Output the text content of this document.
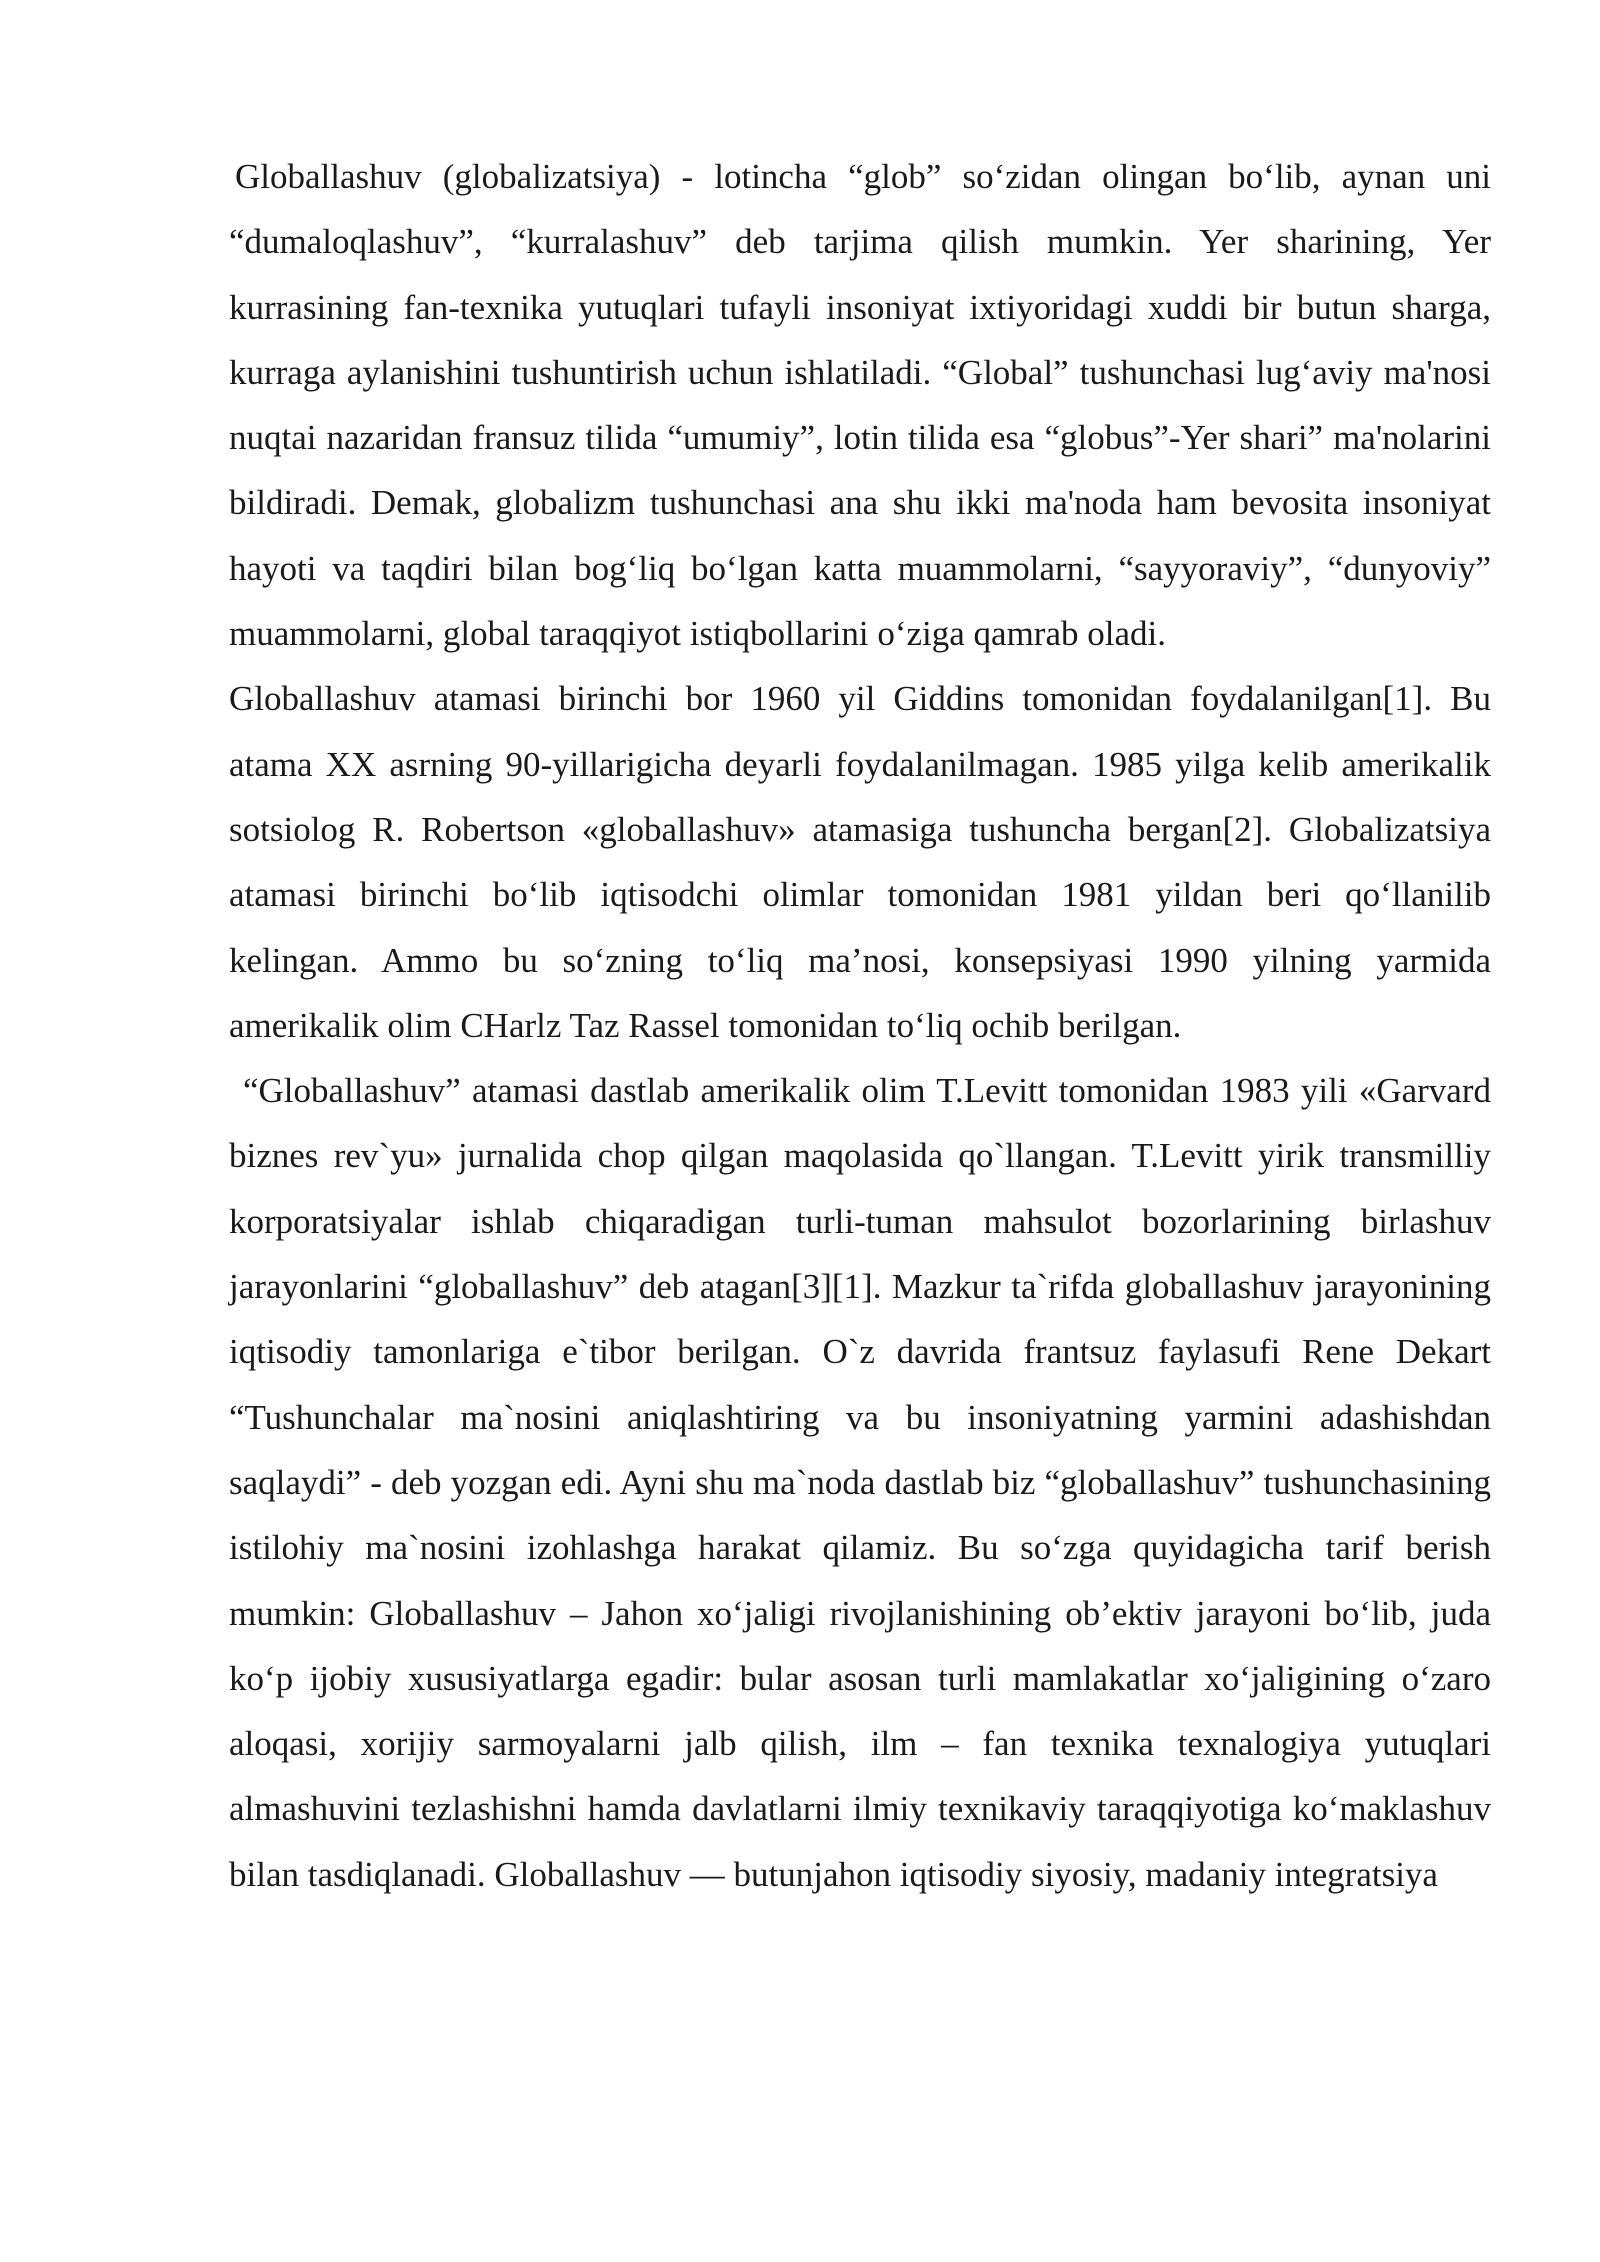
Globallashuv (globalizatsiya) - lotincha “glob” so‘zidan olingan bo‘lib, aynan uni “dumaloqlashuv”, “kurralashuv” deb tarjima qilish mumkin. Yer sharining, Yer kurrasining fan-texnika yutuqlari tufayli insoniyat ixtiyoridagi xuddi bir butun sharga, kurraga aylanishini tushuntirish uchun ishlatiladi. “Global” tushunchasi lug‘aviy ma'nosi nuqtai nazaridan fransuz tilida “umumiy”, lotin tilida esa “globus”-Yer shari” ma'nolarini bildiradi. Demak, globalizm tushunchasi ana shu ikki ma'noda ham bevosita insoniyat hayoti va taqdiri bilan bog‘liq bo‘lgan katta muammolarni, “sayyoraviy”, “dunyoviy” muammolarni, global taraqqiyot istiqbollarini o‘ziga qamrab oladi.

Globallashuv atamasi birinchi bor 1960 yil Giddins tomonidan foydalanilgan[1]. Bu atama XX asrning 90-yillarigicha deyarli foydalanilmagan. 1985 yilga kelib amerikalik sotsiolog R. Robertson «globallashuv» atamasiga tushuncha bergan[2]. Globalizatsiya atamasi birinchi bo‘lib iqtisodchi olimlar tomonidan 1981 yildan beri qo‘llanilib kelingan. Ammo bu so‘zning to‘liq ma’nosi, konsepsiyasi 1990 yilning yarmida amerikalik olim CHarlz Taz Rassel tomonidan to‘liq ochib berilgan.

“Globallashuv” atamasi dastlab amerikalik olim T.Levitt tomonidan 1983 yili «Garvard biznes rev`yu» jurnalida chop qilgan maqolasida qo`llangan. T.Levitt yirik transmilliy korporatsiyalar ishlab chiqaradigan turli-tuman mahsulot bozorlarining birlashuv jarayonlarini “globallashuv” deb atagan[3][1]. Mazkur ta`rifda globallashuv jarayonining iqtisodiy tamonlariga e`tibor berilgan. O`z davrida frantsuz faylasufi Rene Dekart “Tushunchalar ma`nosini aniqlashtiring va bu insoniyatning yarmini adashishdan saqlaydi” - deb yozgan edi. Ayni shu ma`noda dastlab biz “globallashuv” tushunchasining istilohiy ma`nosini izohlashga harakat qilamiz. Bu so‘zga quyidagicha tarif berish mumkin: Globallashuv – Jahon xo‘jaligi rivojlanishining ob’ektiv jarayoni bo‘lib, juda ko‘p ijobiy xususiyatlarga egadir: bular asosan turli mamlakatlar xo‘jaligining o‘zaro aloqasi, xorijiy sarmoyalarni jalb qilish, ilm – fan texnika texnalogiya yutuqlari almashuvini tezlashishni hamda davlatlarni ilmiy texnikaviy taraqqiyotiga ko‘maklashuv bilan tasdiqlanadi. Globallashuv — butunjahon iqtisodiy siyosiy, madaniy integratsiya
